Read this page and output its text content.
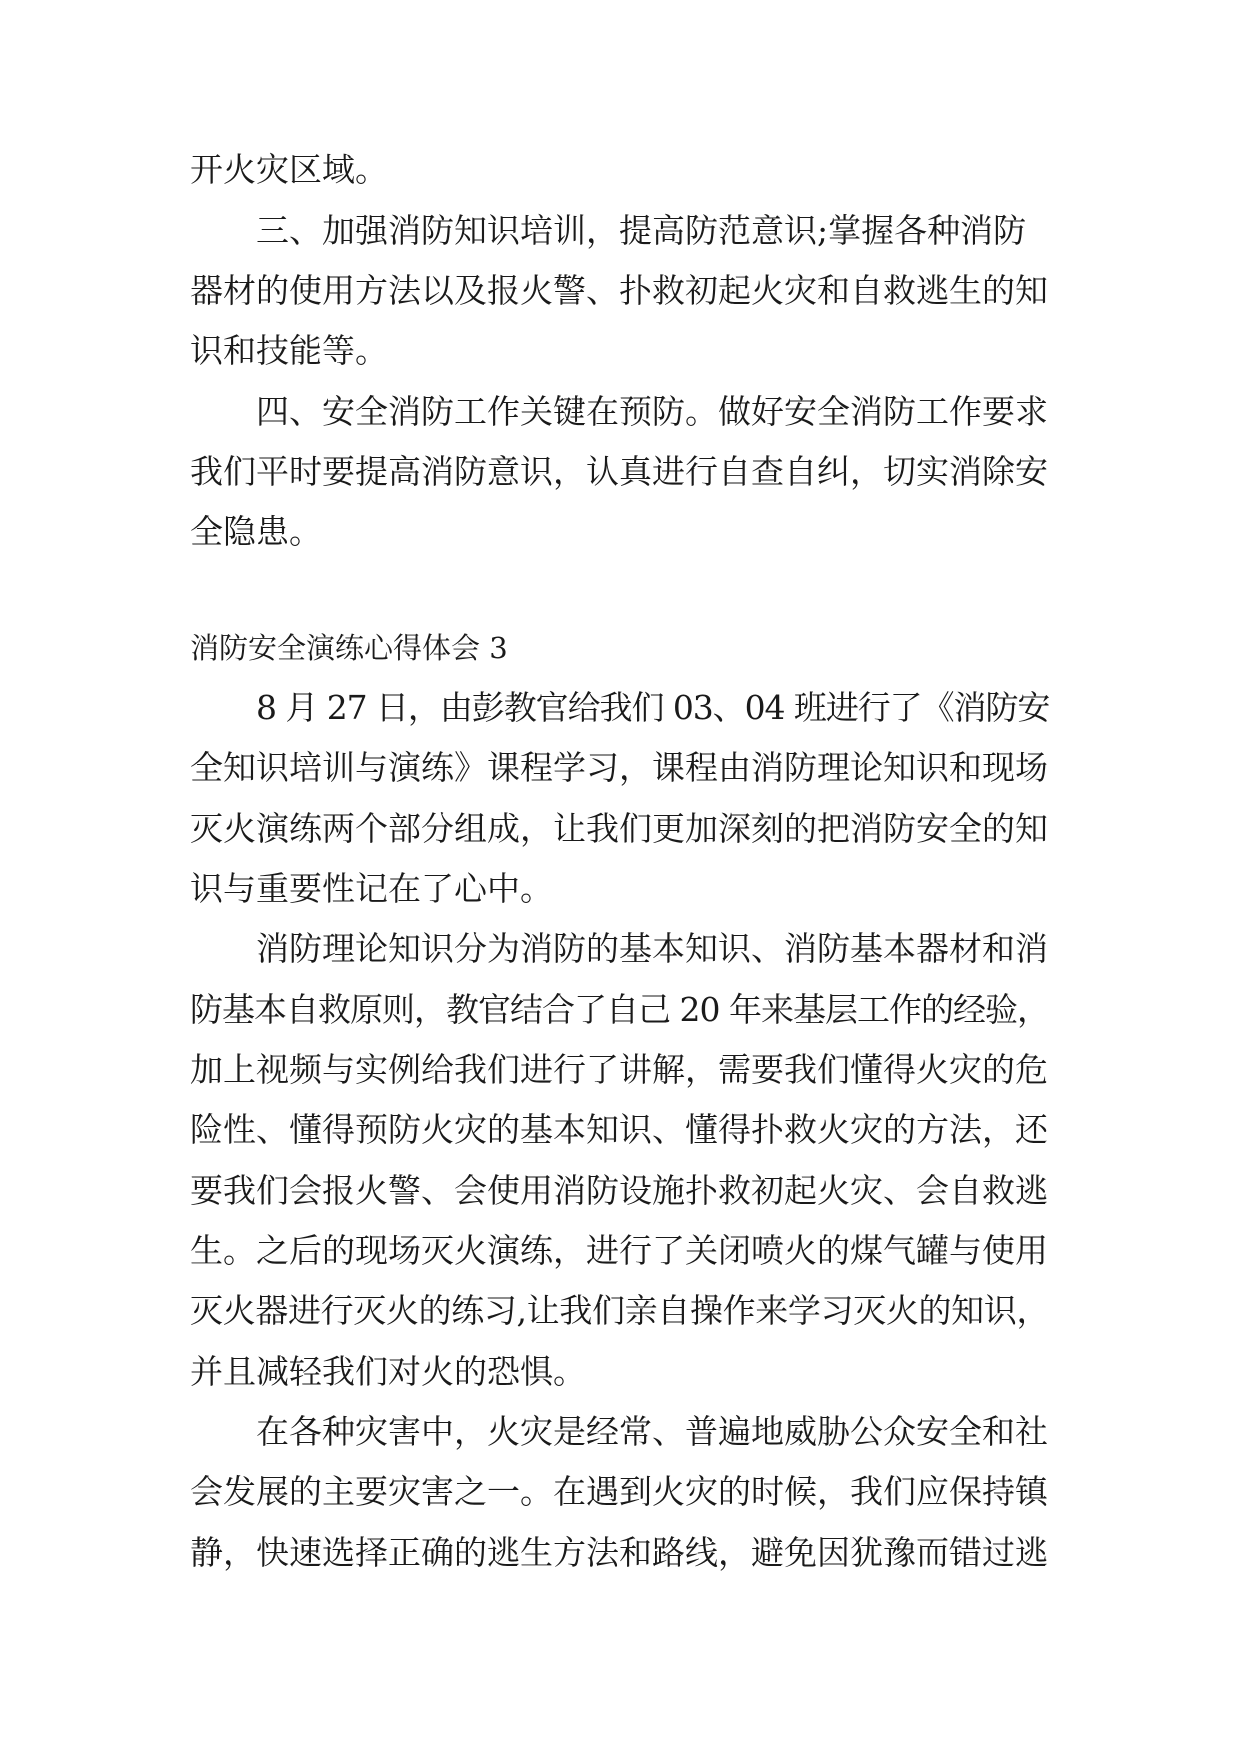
开火灾区域。
三、加强消防知识培训，提高防范意识;掌握各种消防
器材的使用方法以及报火警、扑救初起火灾和自救逃生的知
识和技能等。
四、安全消防工作关键在预防。做好安全消防工作要求
我们平时要提高消防意识，认真进行自查自纠，切实消除安
全隐患。
消防安全演练心得体会 3
8 月 27 日，由彭教官给我们 03、04 班进行了《消防安
全知识培训与演练》课程学习，课程由消防理论知识和现场
灭火演练两个部分组成，让我们更加深刻的把消防安全的知
识与重要性记在了心中。
消防理论知识分为消防的基本知识、消防基本器材和消
防基本自救原则，教官结合了自己 20 年来基层工作的经验，
加上视频与实例给我们进行了讲解，需要我们懂得火灾的危
险性、懂得预防火灾的基本知识、懂得扑救火灾的方法，还
要我们会报火警、会使用消防设施扑救初起火灾、会自救逃
生。之后的现场灭火演练，进行了关闭喷火的煤气罐与使用
灭火器进行灭火的练习,让我们亲自操作来学习灭火的知识，
并且减轻我们对火的恐惧。
在各种灾害中，火灾是经常、普遍地威胁公众安全和社
会发展的主要灾害之一。在遇到火灾的时候，我们应保持镇
静，快速选择正确的逃生方法和路线，避免因犹豫而错过逃
